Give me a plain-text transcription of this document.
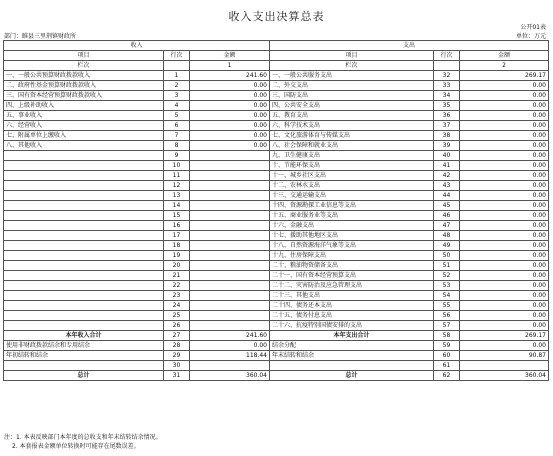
收入支出决算总表
公开01表
部门：睢县三里荆镇财政所	单位：万元
收入			支出		
项目	行次	金额	项目	行次	金额
栏次		1	栏次		2
一、一般公共预算财政拨款收入	1	241.60	一、一般公共服务支出	32	269.17
二、政府性基金预算财政拨款收入	2	0.00	二、外交支出	33	0.00
三、国有资本经营预算财政拨款收入	3	0.00	三、国防支出	34	0.00
四、上级补助收入	4	0.00	四、公共安全支出	35	0.00
五、事业收入	5	0.00	五、教育支出	36	0.00
六、经营收入	6	0.00	六、科学技术支出	37	0.00
七、附属单位上缴收入	7	0.00	七、文化旅游体育与传媒支出	38	0.00
八、其他收入	8	0.00	八、社会保障和就业支出	39	0.00
	9		九、卫生健康支出	40	0.00
	10		十、节能环保支出	41	0.00
	11		十一、城乡社区支出	42	0.00
	12		十二、农林水支出	43	0.00
	13		十三、交通运输支出	44	0.00
	14		十四、资源勘探工业信息等支出	45	0.00
	15		十五、商业服务业等支出	46	0.00
	16		十六、金融支出	47	0.00
	17		十七、援助其他地区支出	48	0.00
	18		十八、自然资源海洋气象等支出	49	0.00
	19		十九、住房保障支出	50	0.00
	20		二十、粮油物资储备支出	51	0.00
	21		二十一、国有资本经营预算支出	52	0.00
	22		二十二、灾害防治及应急管理支出	53	0.00
	23		二十三、其他支出	54	0.00
	24		二十四、债务还本支出	55	0.00
	25		二十五、债务付息支出	56	0.00
	26		二十六、抗疫特别国债安排的支出	57	0.00
本年收入合计	27	241.60	本年支出合计	58	269.17
使用非财政拨款结余和专用结余	28	0.00	结余分配	59	0.00
年初结转和结余	29	118.44	年末结转和结余	60	90.87
	30			61	
总计	31	360.04	总计	62	360.04
注：1. 本表反映部门本年度的总收支和年末结转结余情况。
2. 本套报表金额单位转换时可能存在尾数误差。
